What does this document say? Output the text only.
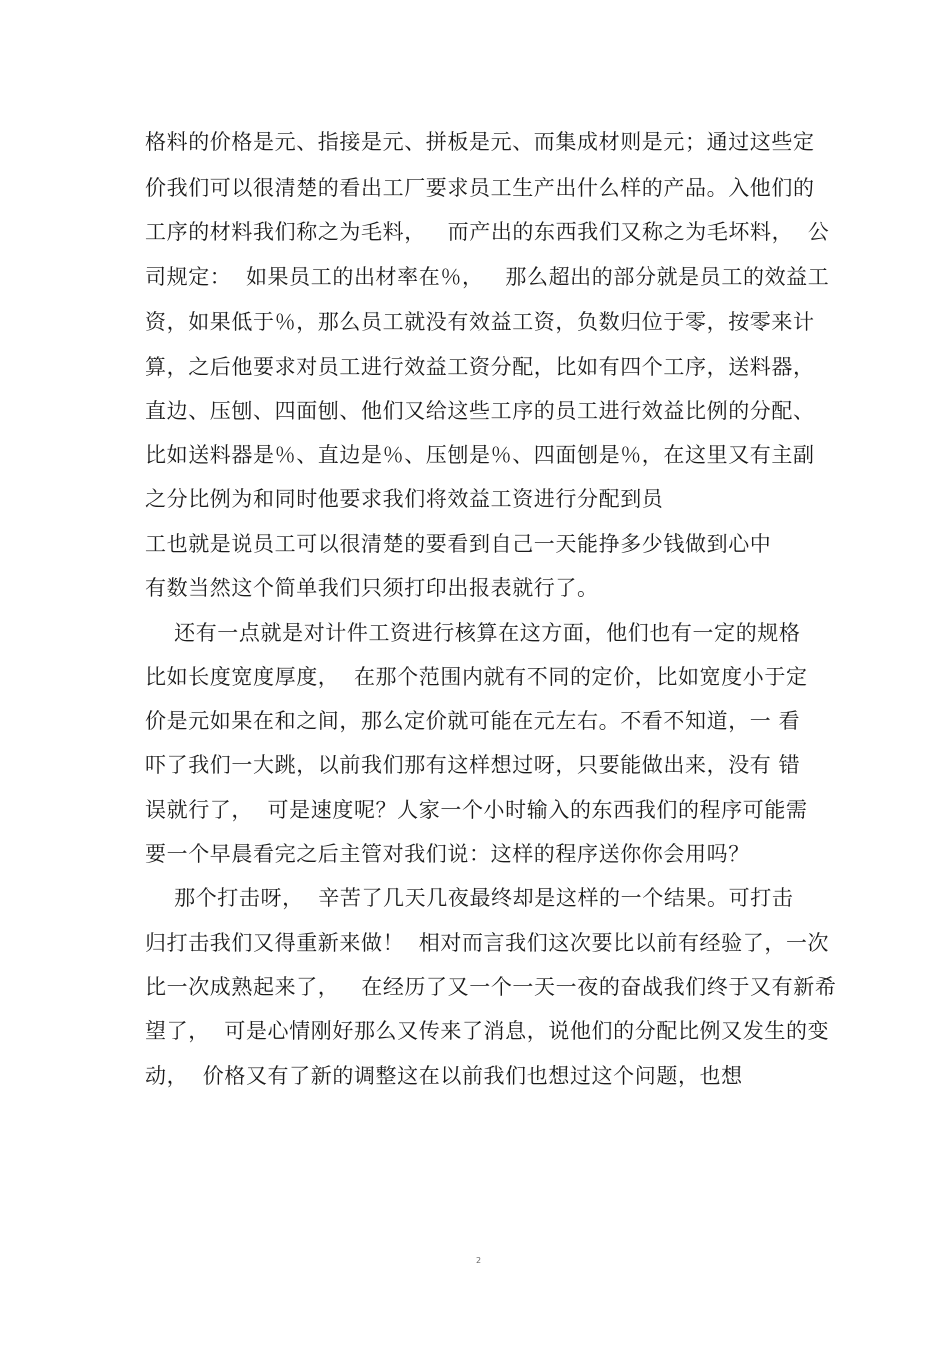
格料的价格是元、指接是元、拼板是元、而集成材则是元；通过这些定
价我们可以很清楚的看出工厂要求员工生产出什么样的产品。入他们的
工序的材料我们称之为毛料，   而产出的东西我们又称之为毛坏料，  公
司规定：  如果员工的出材率在％，   那么超出的部分就是员工的效益工
资，如果低于％，那么员工就没有效益工资，负数归位于零，按零来计
算，之后他要求对员工进行效益工资分配，比如有四个工序，送料器，
直边、压刨、四面刨、他们又给这些工序的员工进行效益比例的分配、
比如送料器是％、直边是％、压刨是％、四面刨是％，在这里又有主副
之分比例为和同时他要求我们将效益工资进行分配到员
工也就是说员工可以很清楚的要看到自己一天能挣多少钱做到心中
有数当然这个简单我们只须打印出报表就行了。
还有一点就是对计件工资进行核算在这方面，他们也有一定的规格
比如长度宽度厚度，  在那个范围内就有不同的定价，比如宽度小于定
价是元如果在和之间，那么定价就可能在元左右。不看不知道，一 看
吓了我们一大跳，以前我们那有这样想过呀，只要能做出来，没有 错
误就行了，  可是速度呢？人家一个小时输入的东西我们的程序可能需
要一个早晨看完之后主管对我们说：这样的程序送你你会用吗？
那个打击呀，  辛苦了几天几夜最终却是这样的一个结果。可打击
归打击我们又得重新来做！  相对而言我们这次要比以前有经验了，一次
比一次成熟起来了，   在经历了又一个一天一夜的奋战我们终于又有新希
望了，  可是心情刚好那么又传来了消息，说他们的分配比例又发生的变
动，  价格又有了新的调整这在以前我们也想过这个问题，也想
2
